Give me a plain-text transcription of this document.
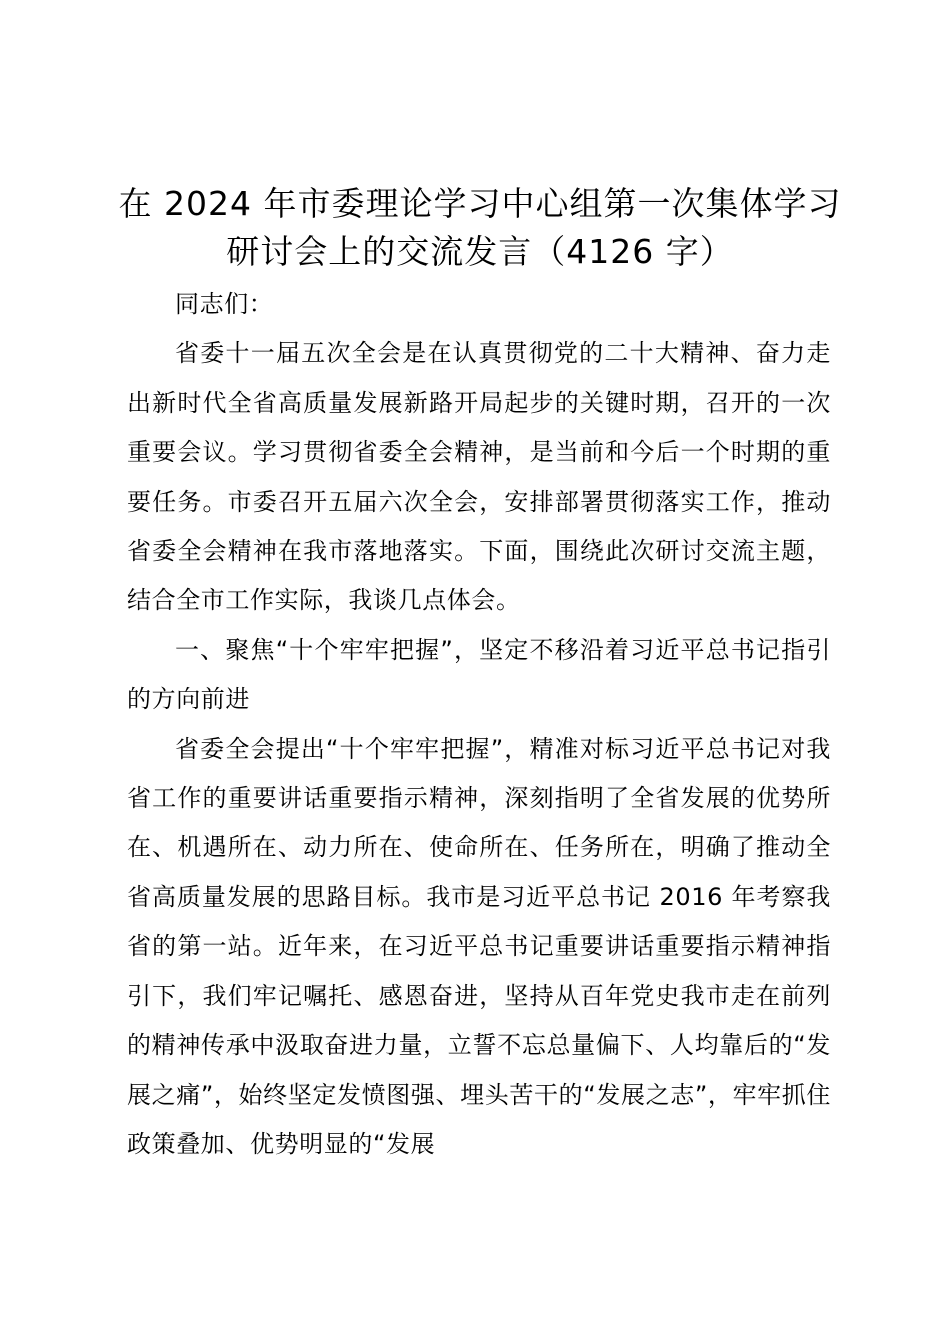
在 2024 年市委理论学习中心组第一次集体学习研讨会上的交流发言（4126 字）

同志们：

省委十一届五次全会是在认真贯彻党的二十大精神、奋力走出新时代全省高质量发展新路开局起步的关键时期，召开的一次重要会议。学习贯彻省委全会精神，是当前和今后一个时期的重要任务。市委召开五届六次全会，安排部署贯彻落实工作，推动省委全会精神在我市落地落实。下面，围绕此次研讨交流主题，结合全市工作实际，我谈几点体会。

一、聚焦“十个牢牢把握”，坚定不移沿着习近平总书记指引的方向前进

省委全会提出“十个牢牢把握”，精准对标习近平总书记对我省工作的重要讲话重要指示精神，深刻指明了全省发展的优势所在、机遇所在、动力所在、使命所在、任务所在，明确了推动全省高质量发展的思路目标。我市是习近平总书记 2016 年考察我省的第一站。近年来，在习近平总书记重要讲话重要指示精神指引下，我们牢记嘱托、感恩奋进，坚持从百年党史我市走在前列的精神传承中汲取奋进力量，立誓不忘总量偏下、人均靠后的“发展之痛”，始终坚定发愤图强、埋头苦干的“发展之志”，牢牢抓住政策叠加、优势明显的“发展
